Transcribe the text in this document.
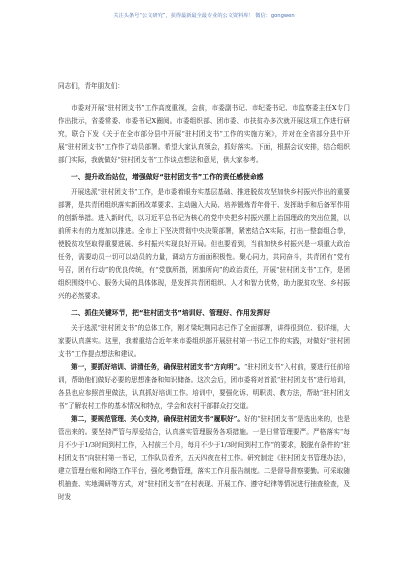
关注头条号“公文研究”，获得最新最全最专业的公文资料库！ 微信：gongwen

同志们，青年朋友们：

市委对开展“驻村团支书”工作高度重视，会前，市委副书记、市纪委书记、市监察委主任X专门作出批示，省委常委、市委书记X圈阅。市委组织部、团市委、市扶贫办多次就开展这项工作进行研究，联合下发《关于在全市部分县中开展“驻村团支书”工作的实施方案》，并对在全省部分县中开展“驻村团支书”工作作了动员部署。希望大家认真领会，抓好落实。下面，根据会议安排，结合组织部门实际，我就做好“驻村团支书”工作谈点想法和意见，供大家参考。

一、提升政治站位，增强做好“驻村团支书”工作的责任感使命感

开展选派“驻村团支书”工作，是市委着眼夯实基层基础、推进脱贫攻坚加快乡村振兴作出的重要部署，是共青团组织落实新团改革要求、主动融入大局、培养锻炼青年骨干、发挥助手和后备军作用的创新举措。进入新时代，以习近平总书记为核心的党中央把乡村振兴摆上治国理政的突出位置，以前所未有的力度加以推进。全市上下坚决贯彻中央决策部署，紧密结合X实际，打出一整套组合拳，使脱贫攻坚取得重要进展、乡村振兴实现良好开局。但也要看到，当前加快乡村振兴是一项重大政治任务，需要动员一切可以动员的力量，调动方方面面积极性。聚心同力，共同奋斗，共青团有“党有号召，团有行动”的优良传统，有“党旗所指，团旗所向”的政治责任，开展“驻村团支书”工作，是团组织围绕中心、服务大局的具体体现，是发挥共青团组织、人才和智力优势，助力脱贫攻坚、乡村振兴的必然要求。

二、抓住关键环节，把“驻村团支书”培训好、管理好、作用发挥好

关于选派“驻村团支书”的总体工作，刚才梁纪荆同志已作了全面部署，讲得很到位、很详细，大家要认真落实。这里，我着重结合近年来市委组织部开展驻村第一书记工作的实践，对做好“驻村团支书”工作提点想法和建议。

第一，要抓好培训、讲清任务，确保驻村团支书“方向明”。“驻村团支书”入村前，要进行任前培训，帮助他们做好必要的思想准备和知识储备。这次会后，团市委将对首派“驻村团支书”进行培训，各县也应参照首里做法，认真抓好培训工作。培训中，要强化诉、明职责、教方法，帮助“驻村团支书”了解农村工作的基本情况和特点，学会和农村干部群众打交道。

第二，要规范管理、关心支持，确保驻村团支书“履职好”。好的“驻村团支书”是选出来的，也是管出来的。要坚持严管与厚爱结合，认真落实管理服务各项措施。一是日常管理要严。严格落实“每月不少于1/3时间到村工作，入村前三个月，每月不少于1/3时间到村工作”的要求，脱脱有条件的“驻村团支书”向驻村第一书记，工作队员看齐，五天四夜在村工作。研究制定《驻村团支书管理办法》，建立管理台账和网络工作平台，强化考勤管理，落实工作月报告制度。二是督导督察要勤。可采取随机抽查、实地调研等方式，对“驻村团支书”在村表现、开展工作、遵守纪律等情况进行抽查检查，及时发
